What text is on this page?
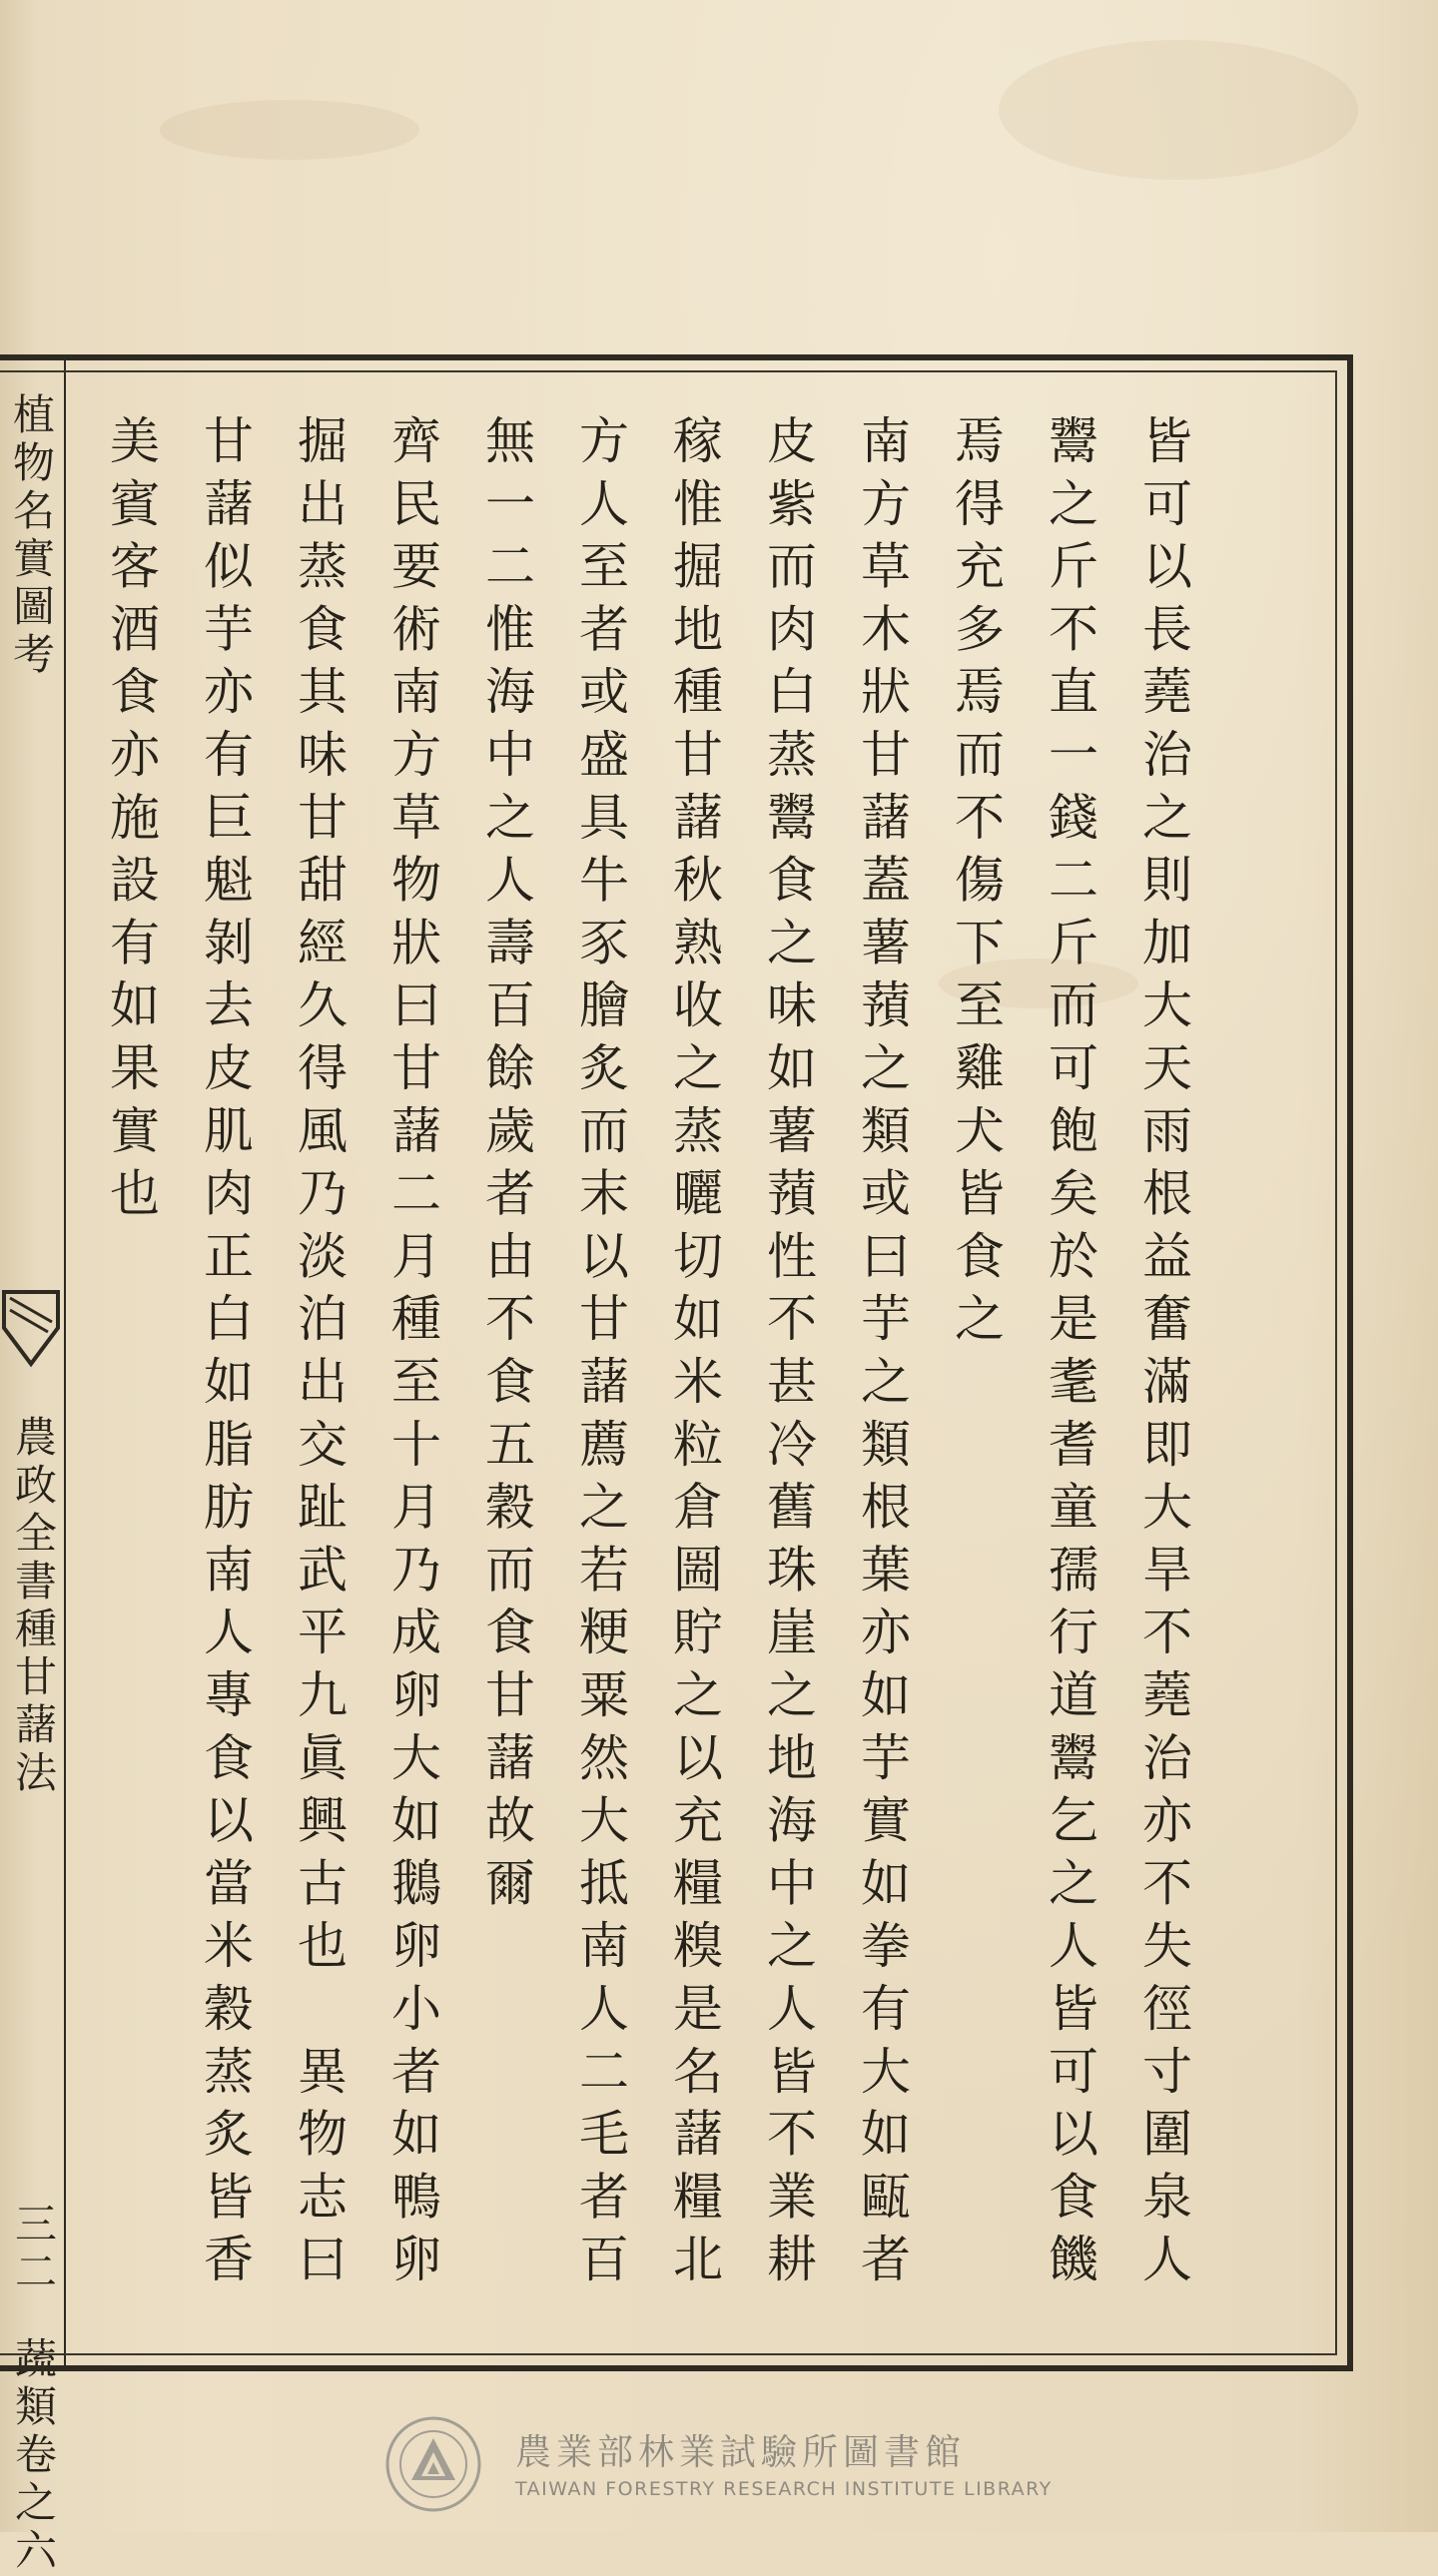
植物名實圖考
農政全書種甘藷法
三二
蔬類卷之六
皆可以長蕘治之則加大天雨根益奮滿即大旱不蕘治亦不失徑寸圍泉人
鬻之斤不直一錢二斤而可飽矣於是耄耆童孺行道鬻乞之人皆可以食饑
焉得充多焉而不傷下至雞犬皆食之
南方草木狀甘藷蓋薯蕷之類或曰芋之類根葉亦如芋實如拳有大如甌者
皮紫而肉白蒸鬻食之味如薯蕷性不甚冷舊珠崖之地海中之人皆不業耕
稼惟掘地種甘藷秋熟收之蒸曬切如米粒倉圌貯之以充糧糗是名藷糧北
方人至者或盛具牛豕膾炙而末以甘藷薦之若粳粟然大抵南人二毛者百
無一二惟海中之人壽百餘歲者由不食五穀而食甘藷故爾
齊民要術南方草物狀曰甘藷二月種至十月乃成卵大如鵝卵小者如鴨卵
掘出蒸食其味甘甜經久得風乃淡泊出交趾武平九眞興古也　異物志曰
甘藷似芋亦有巨魁剝去皮肌肉正白如脂肪南人專食以當米穀蒸炙皆香
美賓客酒食亦施設有如果實也
農業部林業試驗所圖書館
TAIWAN FORESTRY RESEARCH INSTITUTE LIBRARY
